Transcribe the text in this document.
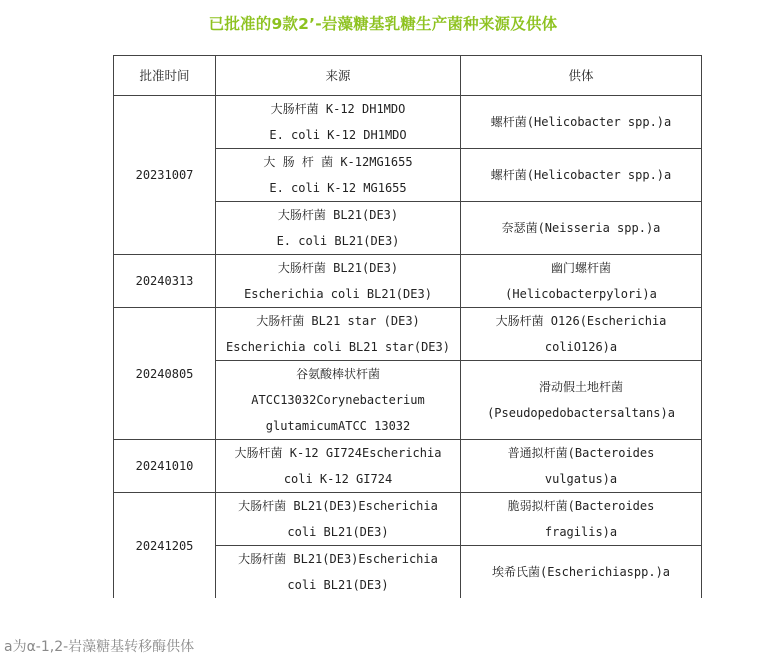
已批准的9款2’-岩藻糖基乳糖生产菌种来源及供体
批准时间	来源	供体
20231007	大肠杆菌 K-12 DH1MDO
E. coli K-12 DH1MDO	螺杆菌(Helicobacter spp.)a

	大 肠 杆 菌 K-12MG1655
E. coli K-12 MG1655	螺杆菌(Helicobacter spp.)a

	大肠杆菌 BL21(DE3)
E. coli BL21(DE3)	奈瑟菌(Neisseria spp.)a

20240313	大肠杆菌 BL21(DE3)
Escherichia coli BL21(DE3)	幽门螺杆菌
(Helicobacterpylori)a

20240805	大肠杆菌 BL21 star (DE3)
Escherichia coli BL21 star(DE3)	大肠杆菌 O126(Escherichia
coliO126)a

	谷氨酸棒状杆菌
ATCC13032Corynebacterium
glutamicumATCC 13032	滑动假土地杆菌
(Pseudopedobactersaltans)a

20241010	大肠杆菌 K-12 GI724Escherichia
coli K-12 GI724	普通拟杆菌(Bacteroides
vulgatus)a

20241205	大肠杆菌 BL21(DE3)Escherichia
coli BL21(DE3)	脆弱拟杆菌(Bacteroides
fragilis)a

	大肠杆菌 BL21(DE3)Escherichia
coli BL21(DE3)	埃希氏菌(Escherichiaspp.)a
a为α-1,2-岩藻糖基转移酶供体
